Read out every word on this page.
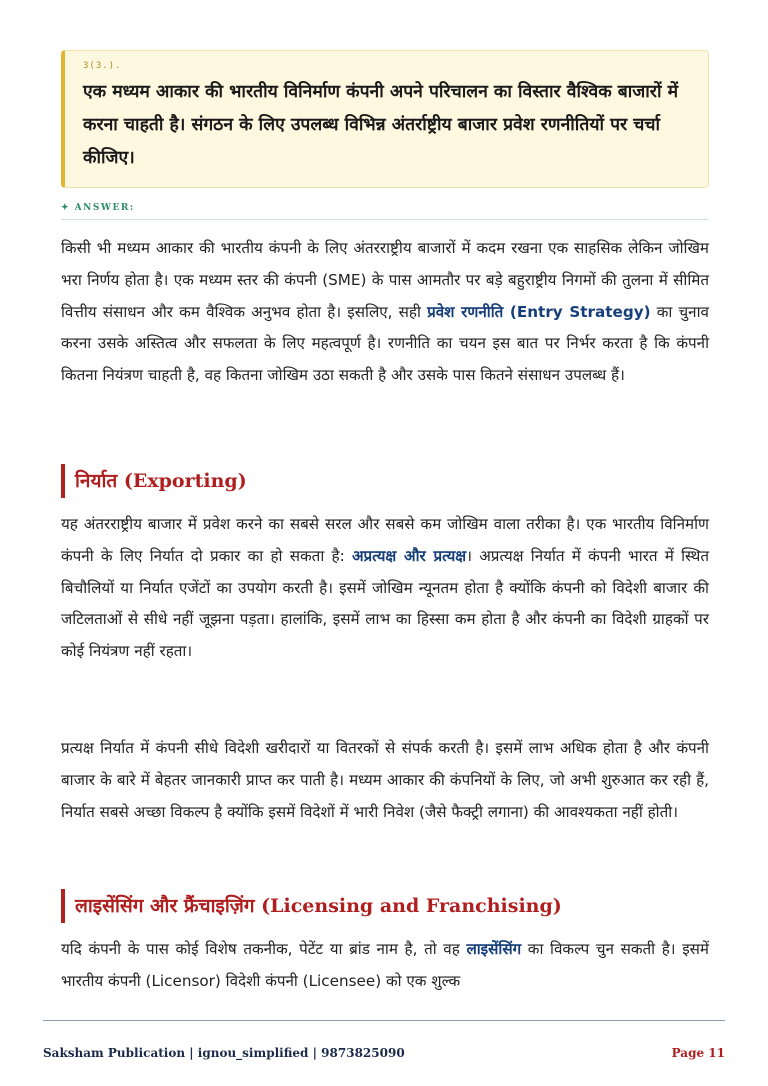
3(3.).
एक मध्यम आकार की भारतीय विनिर्माण कंपनी अपने परिचालन का विस्तार वैश्विक बाजारों में करना चाहती है। संगठन के लिए उपलब्ध विभिन्न अंतर्राष्ट्रीय बाजार प्रवेश रणनीतियों पर चर्चा कीजिए।
✦ ANSWER:

किसी भी मध्यम आकार की भारतीय कंपनी के लिए अंतरराष्ट्रीय बाजारों में कदम रखना एक साहसिक लेकिन जोखिम भरा निर्णय होता है। एक मध्यम स्तर की कंपनी (SME) के पास आमतौर पर बड़े बहुराष्ट्रीय निगमों की तुलना में सीमित वित्तीय संसाधन और कम वैश्विक अनुभव होता है। इसलिए, सही प्रवेश रणनीति (Entry Strategy) का चुनाव करना उसके अस्तित्व और सफलता के लिए महत्वपूर्ण है। रणनीति का चयन इस बात पर निर्भर करता है कि कंपनी कितना नियंत्रण चाहती है, वह कितना जोखिम उठा सकती है और उसके पास कितने संसाधन उपलब्ध हैं।

निर्यात (Exporting)

यह अंतरराष्ट्रीय बाजार में प्रवेश करने का सबसे सरल और सबसे कम जोखिम वाला तरीका है। एक भारतीय विनिर्माण कंपनी के लिए निर्यात दो प्रकार का हो सकता है: अप्रत्यक्ष और प्रत्यक्ष। अप्रत्यक्ष निर्यात में कंपनी भारत में स्थित बिचौलियों या निर्यात एजेंटों का उपयोग करती है। इसमें जोखिम न्यूनतम होता है क्योंकि कंपनी को विदेशी बाजार की जटिलताओं से सीधे नहीं जूझना पड़ता। हालांकि, इसमें लाभ का हिस्सा कम होता है और कंपनी का विदेशी ग्राहकों पर कोई नियंत्रण नहीं रहता।

प्रत्यक्ष निर्यात में कंपनी सीधे विदेशी खरीदारों या वितरकों से संपर्क करती है। इसमें लाभ अधिक होता है और कंपनी बाजार के बारे में बेहतर जानकारी प्राप्त कर पाती है। मध्यम आकार की कंपनियों के लिए, जो अभी शुरुआत कर रही हैं, निर्यात सबसे अच्छा विकल्प है क्योंकि इसमें विदेशों में भारी निवेश (जैसे फैक्ट्री लगाना) की आवश्यकता नहीं होती।

लाइसेंसिंग और फ्रैंचाइज़िंग (Licensing and Franchising)

यदि कंपनी के पास कोई विशेष तकनीक, पेटेंट या ब्रांड नाम है, तो वह लाइसेंसिंग का विकल्प चुन सकती है। इसमें भारतीय कंपनी (Licensor) विदेशी कंपनी (Licensee) को एक शुल्क

Saksham Publication | ignou_simplified | 9873825090	Page 11
